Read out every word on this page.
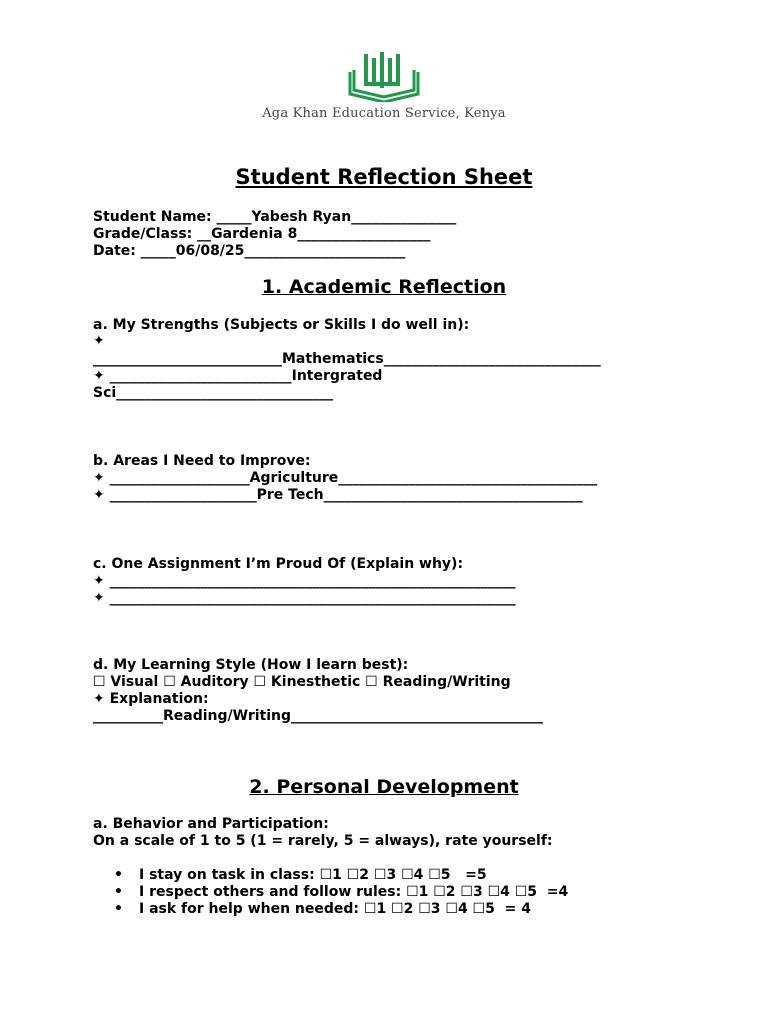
Aga Khan Education Service, Kenya
Student Reflection Sheet
Student Name: _____Yabesh Ryan_______________
Grade/Class: __Gardenia 8___________________
Date: _____06/08/25_______________________
1. Academic Reflection
a. My Strengths (Subjects or Skills I do well in):
✦
___________________________Mathematics_______________________________
✦ __________________________Intergrated
Sci_______________________________
b. Areas I Need to Improve:
✦ ____________________Agriculture_____________________________________
✦ _____________________Pre Tech_____________________________________
c. One Assignment I’m Proud Of (Explain why):
✦ __________________________________________________________
✦ __________________________________________________________
d. My Learning Style (How I learn best):
☐ Visual ☐ Auditory ☐ Kinesthetic ☐ Reading/Writing
✦ Explanation:
__________Reading/Writing____________________________________
2. Personal Development
a. Behavior and Participation:
On a scale of 1 to 5 (1 = rarely, 5 = always), rate yourself:
• I stay on task in class: ☐1 ☐2 ☐3 ☐4 ☐5   =5
• I respect others and follow rules: ☐1 ☐2 ☐3 ☐4 ☐5  =4
• I ask for help when needed: ☐1 ☐2 ☐3 ☐4 ☐5  = 4
